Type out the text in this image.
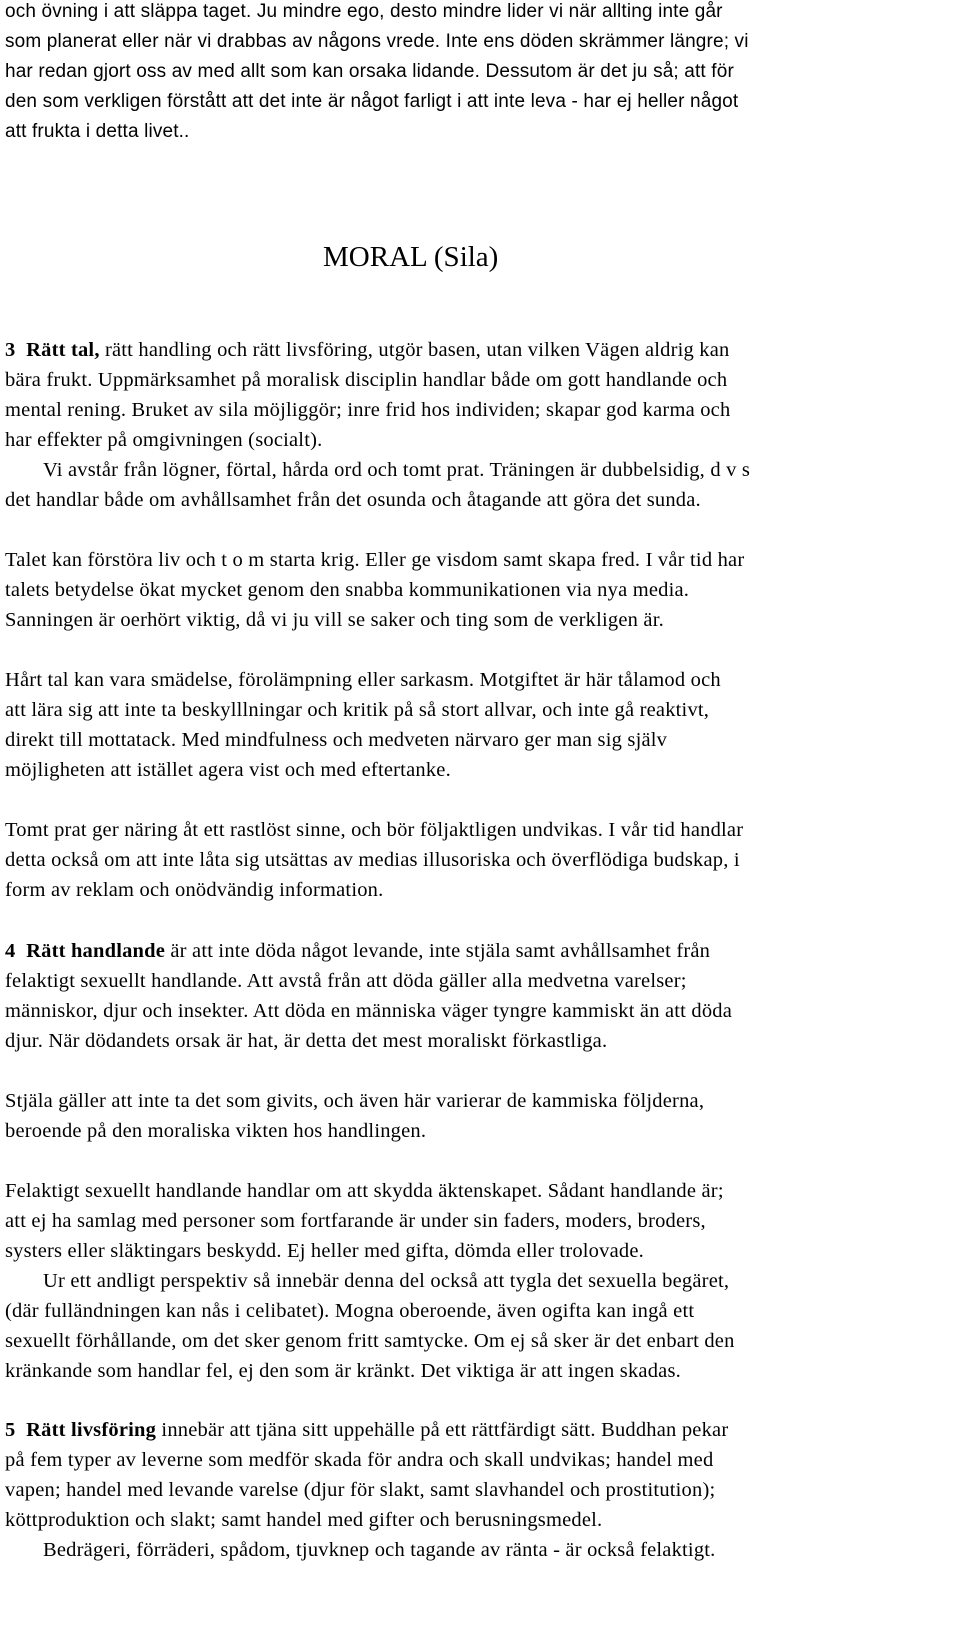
och övning i att släppa taget. Ju mindre ego, desto mindre lider vi när allting inte går
som planerat eller när vi drabbas av någons vrede. Inte ens döden skrämmer längre; vi
har redan gjort oss av med allt som kan orsaka lidande. Dessutom är det ju så; att för
den som verkligen förstått att det inte är något farligt i att inte leva - har ej heller något
att frukta i detta livet..
MORAL (Sila)
3 Rätt tal, rätt handling och rätt livsföring, utgör basen, utan vilken Vägen aldrig kan
bära frukt. Uppmärksamhet på moralisk disciplin handlar både om gott handlande och
mental rening. Bruket av sila möjliggör; inre frid hos individen; skapar god karma och
har effekter på omgivningen (socialt).
Vi avstår från lögner, förtal, hårda ord och tomt prat. Träningen är dubbelsidig, d v s
det handlar både om avhållsamhet från det osunda och åtagande att göra det sunda.
Talet kan förstöra liv och t o m starta krig. Eller ge visdom samt skapa fred. I vår tid har
talets betydelse ökat mycket genom den snabba kommunikationen via nya media.
Sanningen är oerhört viktig, då vi ju vill se saker och ting som de verkligen är.
Hårt tal kan vara smädelse, förolämpning eller sarkasm. Motgiftet är här tålamod och
att lära sig att inte ta beskylllningar och kritik på så stort allvar, och inte gå reaktivt,
direkt till mottatack. Med mindfulness och medveten närvaro ger man sig själv
möjligheten att istället agera vist och med eftertanke.
Tomt prat ger näring åt ett rastlöst sinne, och bör följaktligen undvikas. I vår tid handlar
detta också om att inte låta sig utsättas av medias illusoriska och överflödiga budskap, i
form av reklam och onödvändig information.
4 Rätt handlande är att inte döda något levande, inte stjäla samt avhållsamhet från
felaktigt sexuellt handlande. Att avstå från att döda gäller alla medvetna varelser;
människor, djur och insekter. Att döda en människa väger tyngre kammiskt än att döda
djur. När dödandets orsak är hat, är detta det mest moraliskt förkastliga.
Stjäla gäller att inte ta det som givits, och även här varierar de kammiska följderna,
beroende på den moraliska vikten hos handlingen.
Felaktigt sexuellt handlande handlar om att skydda äktenskapet. Sådant handlande är;
att ej ha samlag med personer som fortfarande är under sin faders, moders, broders,
systers eller släktingars beskydd. Ej heller med gifta, dömda eller trolovade.
Ur ett andligt perspektiv så innebär denna del också att tygla det sexuella begäret,
(där fulländningen kan nås i celibatet). Mogna oberoende, även ogifta kan ingå ett
sexuellt förhållande, om det sker genom fritt samtycke. Om ej så sker är det enbart den
kränkande som handlar fel, ej den som är kränkt. Det viktiga är att ingen skadas.
5 Rätt livsföring innebär att tjäna sitt uppehälle på ett rättfärdigt sätt. Buddhan pekar
på fem typer av leverne som medför skada för andra och skall undvikas; handel med
vapen; handel med levande varelse (djur för slakt, samt slavhandel och prostitution);
köttproduktion och slakt; samt handel med gifter och berusningsmedel.
Bedrägeri, förräderi, spådom, tjuvknep och tagande av ränta - är också felaktigt.
